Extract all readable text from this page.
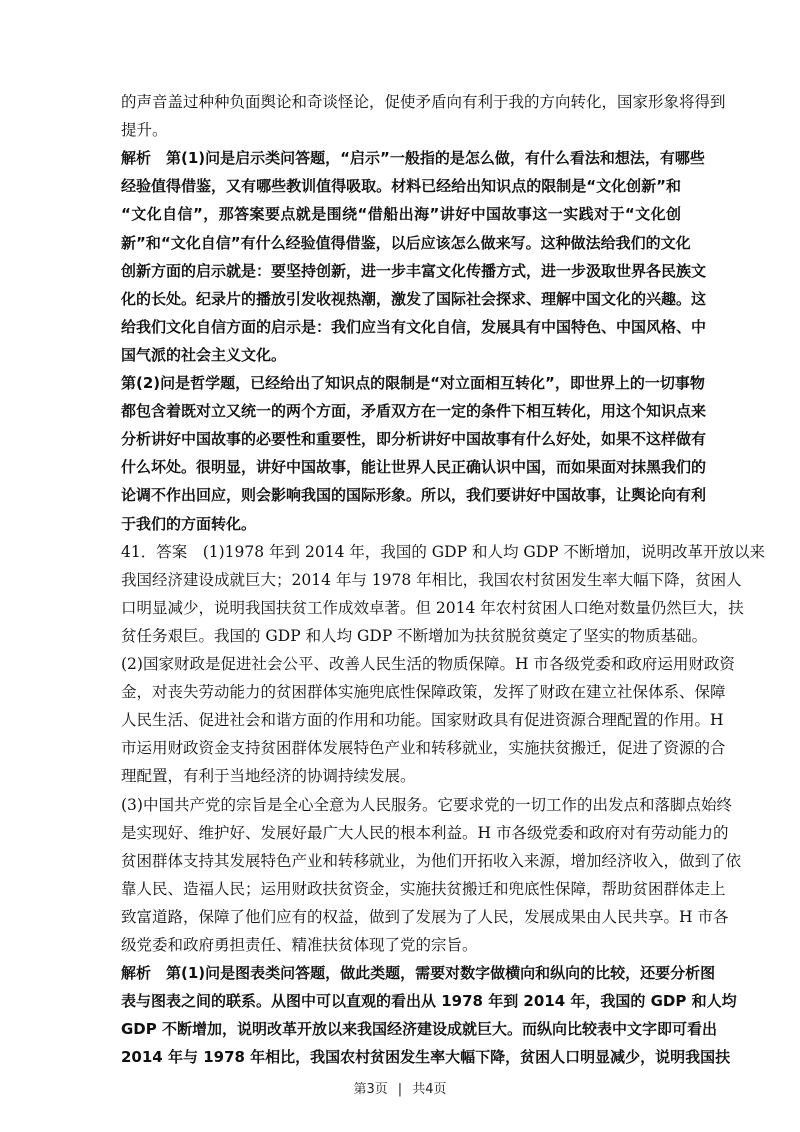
的声音盖过种种负面舆论和奇谈怪论，促使矛盾向有利于我的方向转化，国家形象将得到
提升。
解析　第(1)问是启示类问答题，“启示”一般指的是怎么做，有什么看法和想法，有哪些
经验值得借鉴，又有哪些教训值得吸取。材料已经给出知识点的限制是“文化创新”和
“文化自信”，那答案要点就是围绕“借船出海”讲好中国故事这一实践对于“文化创
新”和“文化自信”有什么经验值得借鉴，以后应该怎么做来写。这种做法给我们的文化
创新方面的启示就是：要坚持创新，进一步丰富文化传播方式，进一步汲取世界各民族文
化的长处。纪录片的播放引发收视热潮，激发了国际社会探求、理解中国文化的兴趣。这
给我们文化自信方面的启示是：我们应当有文化自信，发展具有中国特色、中国风格、中
国气派的社会主义文化。
第(2)问是哲学题，已经给出了知识点的限制是“对立面相互转化”，即世界上的一切事物
都包含着既对立又统一的两个方面，矛盾双方在一定的条件下相互转化，用这个知识点来
分析讲好中国故事的必要性和重要性，即分析讲好中国故事有什么好处，如果不这样做有
什么坏处。很明显，讲好中国故事，能让世界人民正确认识中国，而如果面对抹黑我们的
论调不作出回应，则会影响我国的国际形象。所以，我们要讲好中国故事，让舆论向有利
于我们的方面转化。
41．答案　(1)1978 年到 2014 年，我国的 GDP 和人均 GDP 不断增加，说明改革开放以来
我国经济建设成就巨大；2014 年与 1978 年相比，我国农村贫困发生率大幅下降，贫困人
口明显减少，说明我国扶贫工作成效卓著。但 2014 年农村贫困人口绝对数量仍然巨大，扶
贫任务艰巨。我国的 GDP 和人均 GDP 不断增加为扶贫脱贫奠定了坚实的物质基础。
(2)国家财政是促进社会公平、改善人民生活的物质保障。H 市各级党委和政府运用财政资
金，对丧失劳动能力的贫困群体实施兜底性保障政策，发挥了财政在建立社保体系、保障
人民生活、促进社会和谐方面的作用和功能。国家财政具有促进资源合理配置的作用。H
市运用财政资金支持贫困群体发展特色产业和转移就业，实施扶贫搬迁，促进了资源的合
理配置，有利于当地经济的协调持续发展。
(3)中国共产党的宗旨是全心全意为人民服务。它要求党的一切工作的出发点和落脚点始终
是实现好、维护好、发展好最广大人民的根本利益。H 市各级党委和政府对有劳动能力的
贫困群体支持其发展特色产业和转移就业，为他们开拓收入来源，增加经济收入，做到了依
靠人民、造福人民；运用财政扶贫资金，实施扶贫搬迁和兜底性保障，帮助贫困群体走上
致富道路，保障了他们应有的权益，做到了发展为了人民，发展成果由人民共享。H 市各
级党委和政府勇担责任、精准扶贫体现了党的宗旨。
解析　第(1)问是图表类问答题，做此类题，需要对数字做横向和纵向的比较，还要分析图
表与图表之间的联系。从图中可以直观的看出从 1978 年到 2014 年，我国的 GDP 和人均
GDP 不断增加，说明改革开放以来我国经济建设成就巨大。而纵向比较表中文字即可看出
2014 年与 1978 年相比，我国农村贫困发生率大幅下降，贫困人口明显减少，说明我国扶
第3页 | 共4页
